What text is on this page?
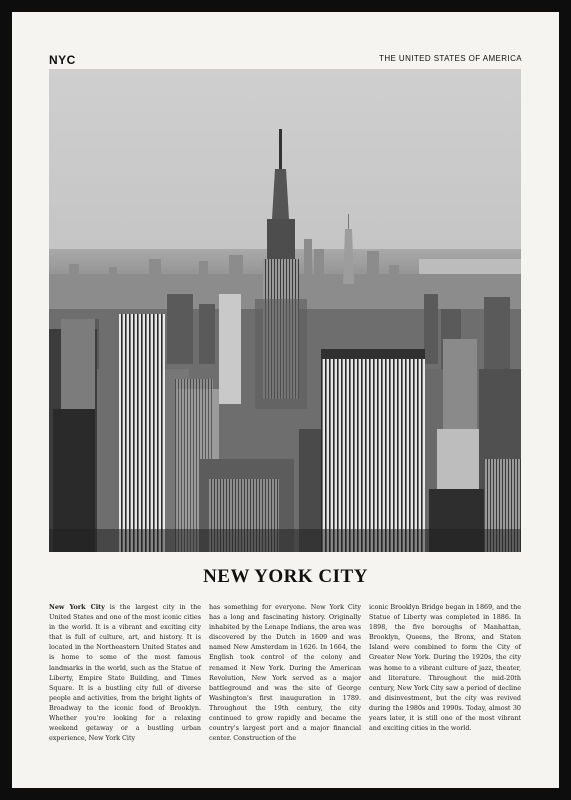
NYC	THE UNITED STATES OF AMERICA
NEW YORK CITY
New York City is the largest city in the United States and one of the most iconic cities in the world. It is a vibrant and exciting city that is full of culture, art, and history. It is located in the Northeastern United States and is home to some of the most famous landmarks in the world, such as the Statue of Liberty, Empire State Building, and Times Square. It is a bustling city full of diverse people and activities, from the bright lights of Broadway to the iconic food of Brooklyn. Whether you're looking for a relaxing weekend getaway or a bustling urban experience, New York City
has something for everyone. New York City has a long and fascinating history. Originally inhabited by the Lenape Indians, the area was discovered by the Dutch in 1609 and was named New Amsterdam in 1626. In 1664, the English took control of the colony and renamed it New York. During the American Revolution, New York served as a major battleground and was the site of George Washington's first inauguration in 1789. Throughout the 19th century, the city continued to grow rapidly and became the country's largest port and a major financial center. Construction of the
iconic Brooklyn Bridge began in 1869, and the Statue of Liberty was completed in 1886. In 1898, the five boroughs of Manhattan, Brooklyn, Queens, the Bronx, and Staten Island were combined to form the City of Greater New York. During the 1920s, the city was home to a vibrant culture of jazz, theater, and literature. Throughout the mid-20th century, New York City saw a period of decline and disinvestment, but the city was revived during the 1980s and 1990s. Today, almost 30 years later, it is still one of the most vibrant and exciting cities in the world.
